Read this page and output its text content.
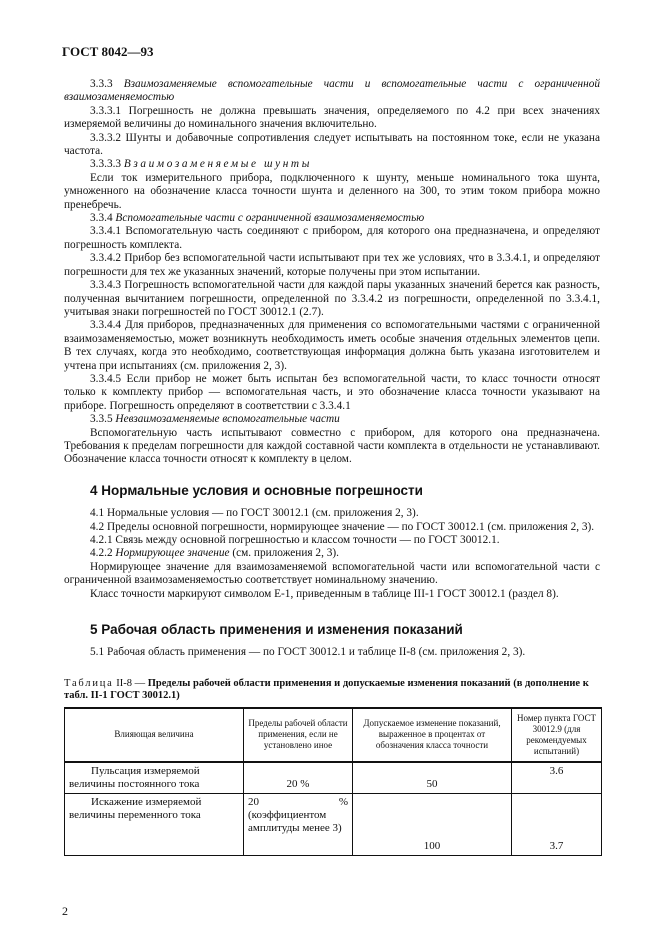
ГОСТ 8042—93

3.3.3 Взаимозаменяемые вспомогательные части и вспомогательные части с ограниченной взаимозаменяемостью

3.3.3.1 Погрешность не должна превышать значения, определяемого по 4.2 при всех значениях измеряемой величины до номинального значения включительно.

3.3.3.2 Шунты и добавочные сопротивления следует испытывать на постоянном токе, если не указана частота.

3.3.3.3 Взаимозаменяемые шунты

Если ток измерительного прибора, подключенного к шунту, меньше номинального тока шунта, умноженного на обозначение класса точности шунта и деленного на 300, то этим током прибора можно пренебречь.

3.3.4 Вспомогательные части с ограниченной взаимозаменяемостью

3.3.4.1 Вспомогательную часть соединяют с прибором, для которого она предназначена, и определяют погрешность комплекта.

3.3.4.2 Прибор без вспомогательной части испытывают при тех же условиях, что в 3.3.4.1, и определяют погрешности для тех же указанных значений, которые получены при этом испытании.

3.3.4.3 Погрешность вспомогательной части для каждой пары указанных значений берется как разность, полученная вычитанием погрешности, определенной по 3.3.4.2 из погрешности, определенной по 3.3.4.1, учитывая знаки погрешностей по ГОСТ 30012.1 (2.7).

3.3.4.4 Для приборов, предназначенных для применения со вспомогательными частями с ограниченной взаимозаменяемостью, может возникнуть необходимость иметь особые значения отдельных элементов цепи. В тех случаях, когда это необходимо, соответствующая информация должна быть указана изготовителем и учтена при испытаниях (см. приложения 2, 3).

3.3.4.5 Если прибор не может быть испытан без вспомогательной части, то класс точности относят только к комплекту прибор — вспомогательная часть, и это обозначение класса точности указывают на приборе. Погрешность определяют в соответствии с 3.3.4.1

3.3.5 Невзаимозаменяемые вспомогательные части

Вспомогательную часть испытывают совместно с прибором, для которого она предназначена. Требования к пределам погрешности для каждой составной части комплекта в отдельности не устанавливают. Обозначение класса точности относят к комплекту в целом.

4 Нормальные условия и основные погрешности

4.1 Нормальные условия — по ГОСТ 30012.1 (см. приложения 2, 3).

4.2 Пределы основной погрешности, нормирующее значение — по ГОСТ 30012.1 (см. приложения 2, 3).

4.2.1 Связь между основной погрешностью и классом точности — по ГОСТ 30012.1.

4.2.2 Нормирующее значение (см. приложения 2, 3).

Нормирующее значение для взаимозаменяемой вспомогательной части или вспомогательной части с ограниченной взаимозаменяемостью соответствует номинальному значению.

Класс точности маркируют символом Е-1, приведенным в таблице III-1 ГОСТ 30012.1 (раздел 8).

5 Рабочая область применения и изменения показаний

5.1 Рабочая область применения — по ГОСТ 30012.1 и таблице II-8 (см. приложения 2, 3).

Таблица II-8 — Пределы рабочей области применения и допускаемые изменения показаний (в дополнение к табл. II-1 ГОСТ 30012.1)
Влияющая величина	Пределы рабочей области применения, если не установлено иное	Допускаемое изменение показаний, выраженное в процентах от обозначения класса точности	Номер пункта ГОСТ 30012.9 (для рекомендуемых испытаний)
Пульсация измеряемой величины постоянного тока	20 %	50	3.6
Искажение измеряемой величины переменного тока	20 % (коэффициентом амплитуды менее 3)	100	3.7
2
